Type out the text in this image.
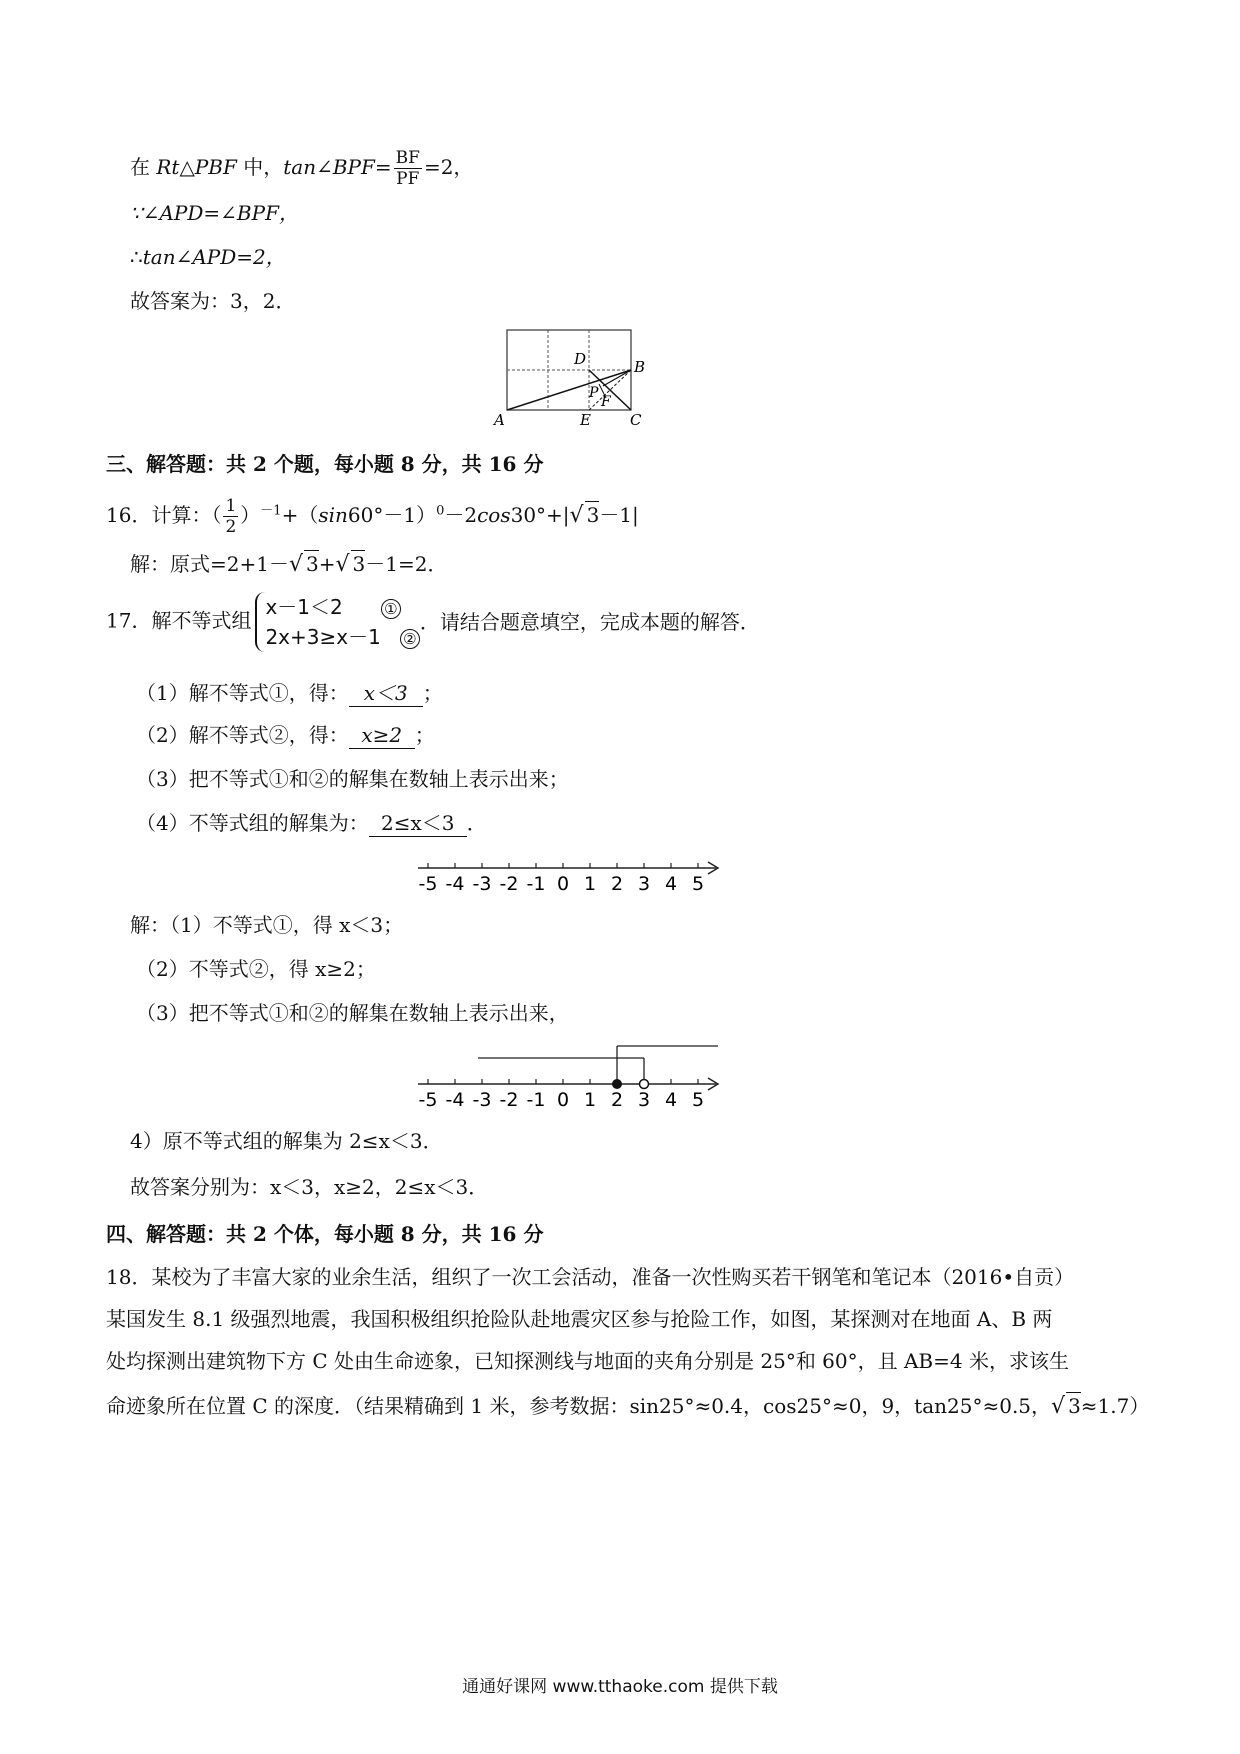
在 Rt△PBF 中，tan∠BPF= $\frac{BF}{PF} =2$，
∵∠APD=∠BPF，
∴tan∠APD=2，
故答案为：3，2．
D	B
P
F
A	E	C
三、解答题：共 2 个题，每小题 8 分，共 16 分
16．计算：（ $\frac{1}{2} )^{-1}+(\sin 60^\circ-1)^0-2\cos 30^\circ+|√$ 3－1|
解：原式=2+1－√ 3+√ 3－1=2．
17．解不等式组
x－1＜2	①
2x+3≥x－1 ②
．请结合题意填空，完成本题的解答．
（1）解不等式①，得： x＜3 ；
（2）解不等式②，得： x≥2 ；
（3）把不等式①和②的解集在数轴上表示出来；
（4）不等式组的解集为： 2≤x＜3 ．
-5 -4 -3 -2 -1 0 1 2 3 4 5
解：（1）不等式①，得 x＜3；
（2）不等式②，得 x≥2；
（3）把不等式①和②的解集在数轴上表示出来，
-5 -4 -3 -2 -1 0 1 2 3 4 5
4）原不等式组的解集为 2≤x＜3．
故答案分别为：x＜3，x≥2，2≤x＜3．
四、解答题：共 2 个体，每小题 8 分，共 16 分
18．某校为了丰富大家的业余生活，组织了一次工会活动，准备一次性购买若干钢笔和笔记本（2016•自贡）
某国发生 8.1 级强烈地震，我国积极组织抢险队赴地震灾区参与抢险工作，如图，某探测对在地面 A、B 两
处均探测出建筑物下方 C 处由生命迹象，已知探测线与地面的夹角分别是 25°和 60°，且 AB=4 米，求该生
命迹象所在位置 C 的深度．（结果精确到 1 米，参考数据：sin25°≈0.4，cos25°≈0，9，tan25°≈0.5，√ 3≈1.7）
通通好课网 www.tthaoke.com 提供下载
